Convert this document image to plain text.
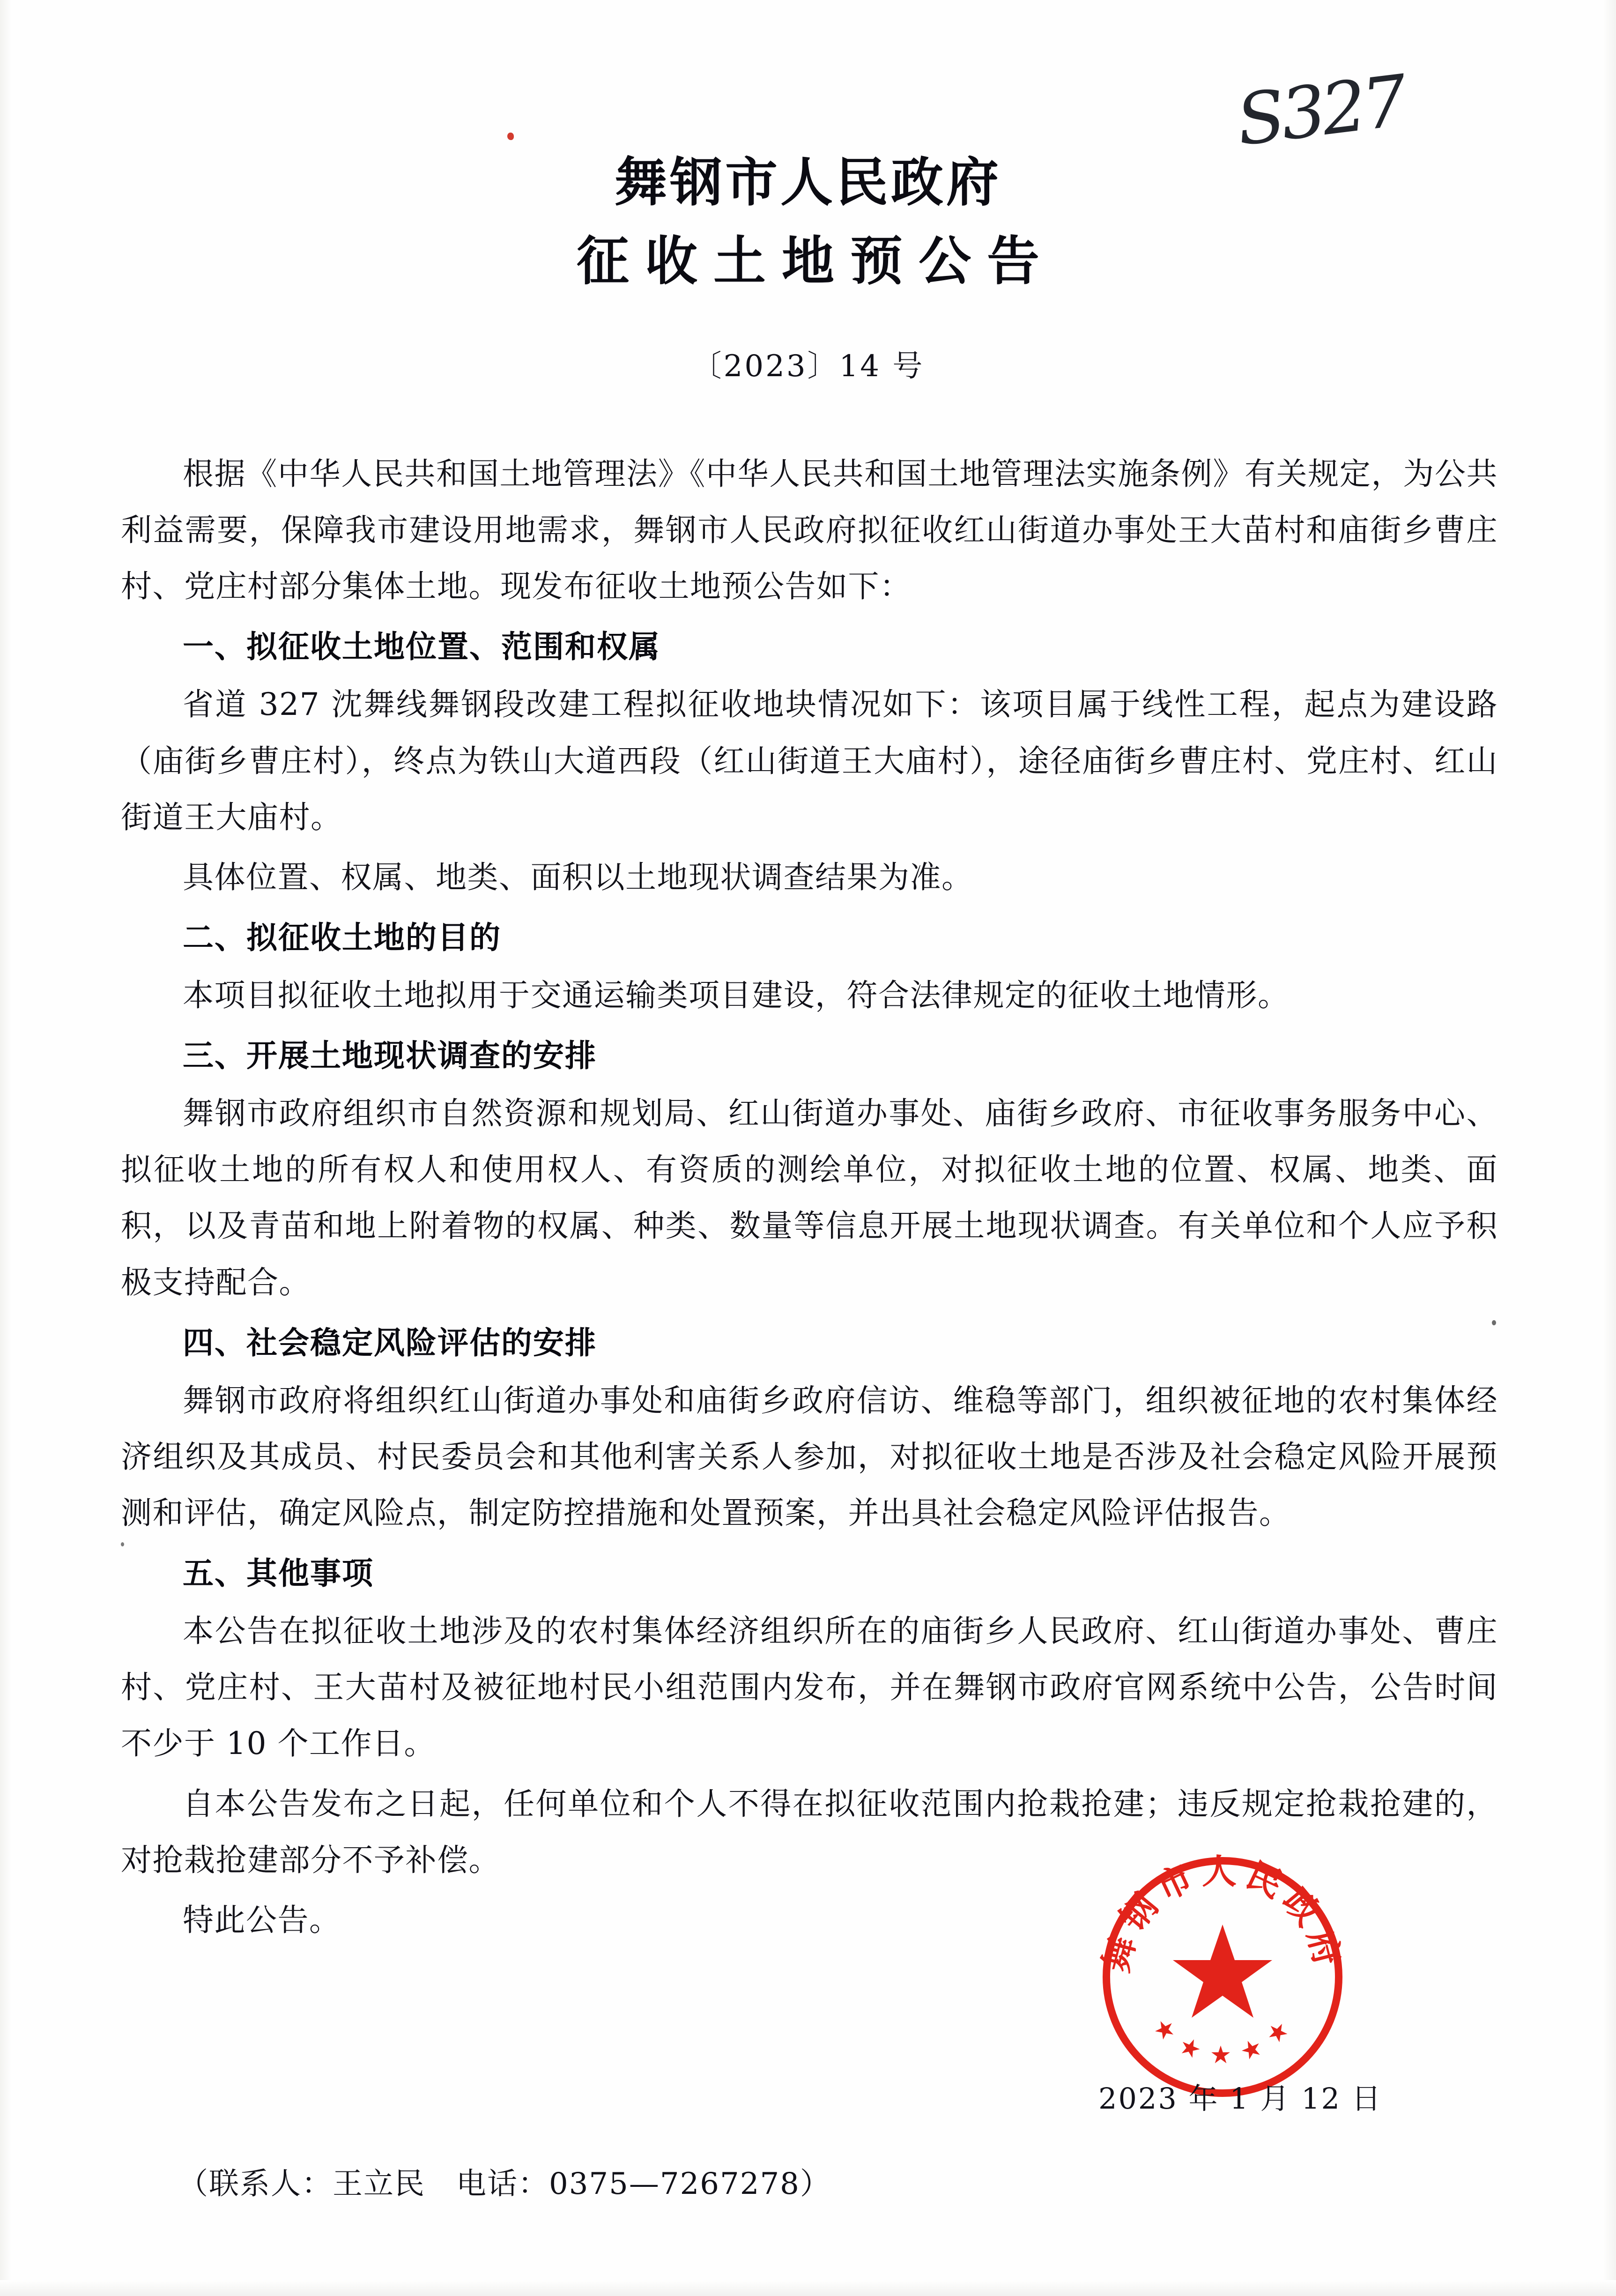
S327
舞钢市人民政府
征收土地预公告
〔2023〕14 号

根据《中华人民共和国土地管理法》《中华人民共和国土地管理法实施条例》有关规定，为公共利益需要，保障我市建设用地需求，舞钢市人民政府拟征收红山街道办事处王大苗村和庙街乡曹庄村、党庄村部分集体土地。现发布征收土地预公告如下：

一、拟征收土地位置、范围和权属

省道 327 沈舞线舞钢段改建工程拟征收地块情况如下：该项目属于线性工程，起点为建设路（庙街乡曹庄村），终点为铁山大道西段（红山街道王大庙村），途径庙街乡曹庄村、党庄村、红山街道王大庙村。

具体位置、权属、地类、面积以土地现状调查结果为准。

二、拟征收土地的目的

本项目拟征收土地拟用于交通运输类项目建设，符合法律规定的征收土地情形。

三、开展土地现状调查的安排

舞钢市政府组织市自然资源和规划局、红山街道办事处、庙街乡政府、市征收事务服务中心、拟征收土地的所有权人和使用权人、有资质的测绘单位，对拟征收土地的位置、权属、地类、面积，以及青苗和地上附着物的权属、种类、数量等信息开展土地现状调查。有关单位和个人应予积极支持配合。

四、社会稳定风险评估的安排

舞钢市政府将组织红山街道办事处和庙街乡政府信访、维稳等部门，组织被征地的农村集体经济组织及其成员、村民委员会和其他利害关系人参加，对拟征收土地是否涉及社会稳定风险开展预测和评估，确定风险点，制定防控措施和处置预案，并出具社会稳定风险评估报告。

五、其他事项

本公告在拟征收土地涉及的农村集体经济组织所在的庙街乡人民政府、红山街道办事处、曹庄村、党庄村、王大苗村及被征地村民小组范围内发布，并在舞钢市政府官网系统中公告，公告时间不少于 10 个工作日。

自本公告发布之日起，任何单位和个人不得在拟征收范围内抢栽抢建；违反规定抢栽抢建的，对抢栽抢建部分不予补偿。

特此公告。

舞钢市人民政府
★ ★ ★ ★ ★
2023 年 1 月 12 日
（联系人：王立民　电话：0375—7267278）
